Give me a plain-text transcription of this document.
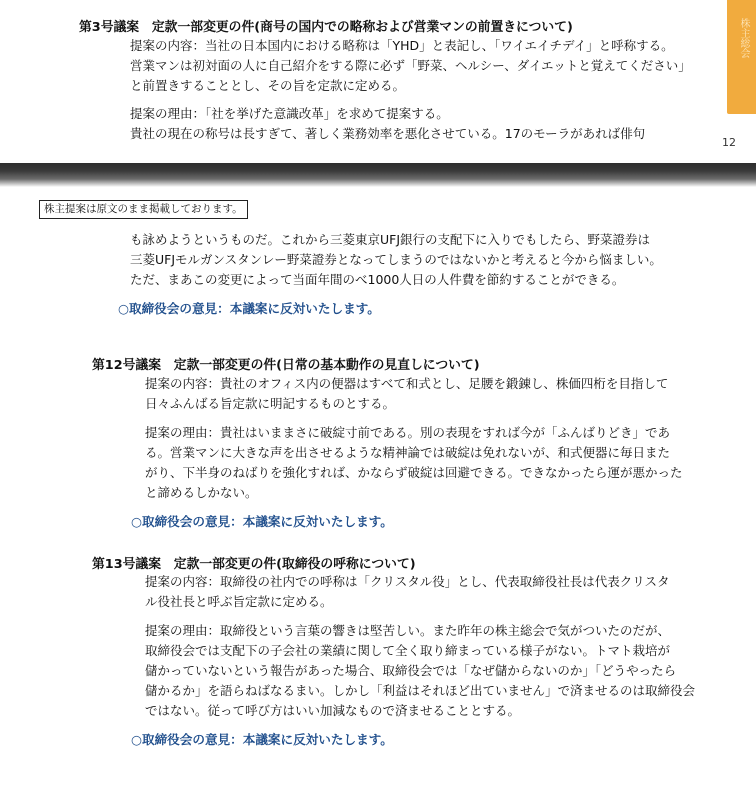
株主総会
第3号議案　定款一部変更の件(商号の国内での略称および営業マンの前置きについて)
提案の内容：当社の日本国内における略称は「YHD」と表記し、「ワイエイチデイ」と呼称する。
営業マンは初対面の人に自己紹介をする際に必ず「野菜、ヘルシー、ダイエットと覚えてください」
と前置きすることとし、その旨を定款に定める。
提案の理由：「社を挙げた意識改革」を求めて提案する。
貴社の現在の称号は長すぎて、著しく業務効率を悪化させている。17のモーラがあれば俳句
12
株主提案は原文のまま掲載しております。
も詠めようというものだ。これから三菱東京UFJ銀行の支配下に入りでもしたら、野菜證券は
三菱UFJモルガンスタンレー野菜證券となってしまうのではないかと考えると今から悩ましい。
ただ、まあこの変更によって当面年間のべ1000人日の人件費を節約することができる。
○取締役会の意見：本議案に反対いたします。
第12号議案　定款一部変更の件(日常の基本動作の見直しについて)
提案の内容：貴社のオフィス内の便器はすべて和式とし、足腰を鍛錬し、株価四桁を目指して
日々ふんばる旨定款に明記するものとする。
提案の理由：貴社はいままさに破綻寸前である。別の表現をすれば今が「ふんばりどき」であ
る。営業マンに大きな声を出させるような精神論では破綻は免れないが、和式便器に毎日また
がり、下半身のねばりを強化すれば、かならず破綻は回避できる。できなかったら運が悪かった
と諦めるしかない。
○取締役会の意見：本議案に反対いたします。
第13号議案　定款一部変更の件(取締役の呼称について)
提案の内容：取締役の社内での呼称は「クリスタル役」とし、代表取締役社長は代表クリスタ
ル役社長と呼ぶ旨定款に定める。
提案の理由：取締役という言葉の響きは堅苦しい。また昨年の株主総会で気がついたのだが、
取締役会では支配下の子会社の業績に関して全く取り締まっている様子がない。トマト栽培が
儲かっていないという報告があった場合、取締役会では「なぜ儲からないのか」「どうやったら
儲かるか」を語らねばなるまい。しかし「利益はそれほど出ていません」で済ませるのは取締役会
ではない。従って呼び方はいい加減なもので済ませることとする。
○取締役会の意見：本議案に反対いたします。
